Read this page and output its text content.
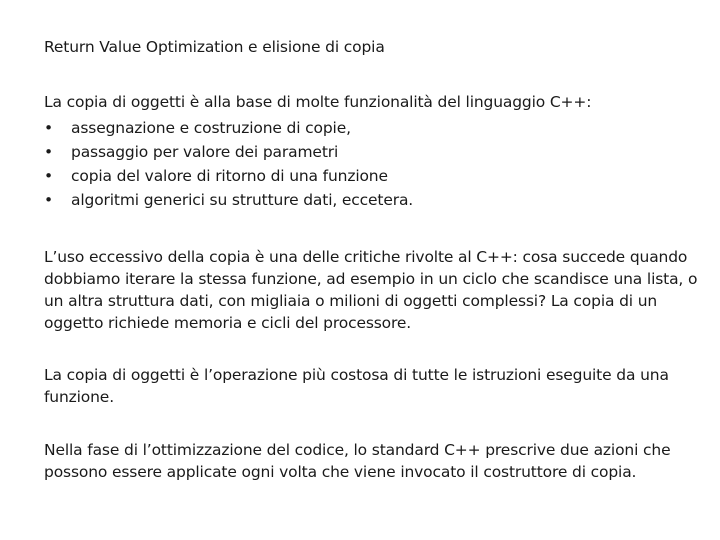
Return Value Optimization e elisione di copia
La copia di oggetti è alla base di molte funzionalità del linguaggio C++:
•	assegnazione e costruzione di copie,
•	passaggio per valore dei parametri
•	copia del valore di ritorno di una funzione
•	algoritmi generici su strutture dati, eccetera.

L’uso eccessivo della copia è una delle critiche rivolte al C++: cosa succede quando dobbiamo iterare la stessa funzione, ad esempio in un ciclo che scandisce una lista, o un altra struttura dati, con migliaia o milioni di oggetti complessi? La copia di un oggetto richiede memoria e cicli del processore.

La copia di oggetti è l’operazione più costosa di tutte le istruzioni eseguite da una funzione.

Nella fase di l’ottimizzazione del codice, lo standard C++ prescrive due azioni che possono essere applicate ogni volta che viene invocato il costruttore di copia.
